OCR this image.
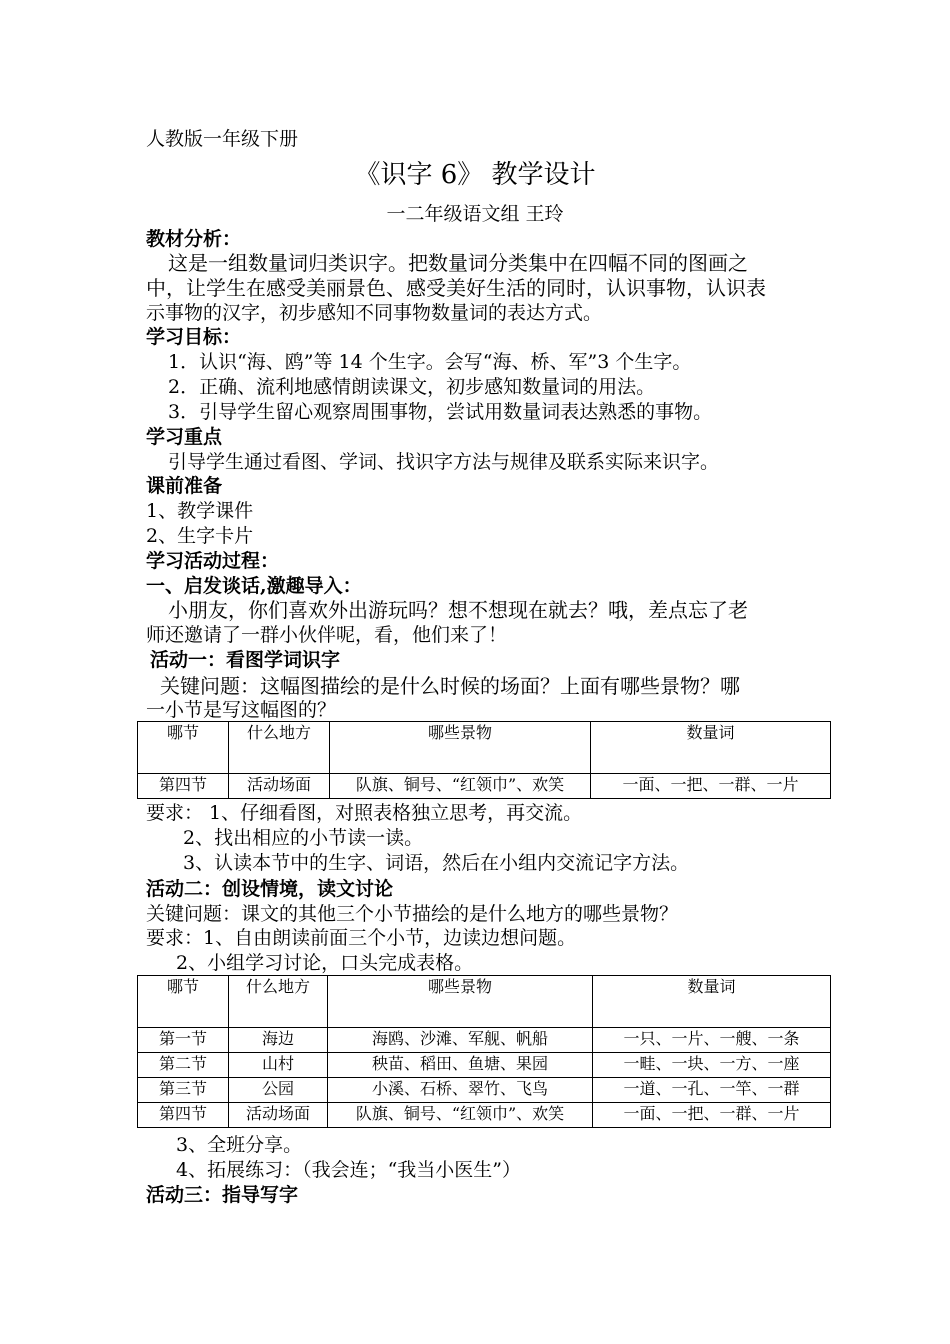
人教版一年级下册
《识字 6》 教学设计
一二年级语文组 王玲
教材分析：
这是一组数量词归类识字。把数量词分类集中在四幅不同的图画之
中，让学生在感受美丽景色、感受美好生活的同时，认识事物，认识表
示事物的汉字，初步感知不同事物数量词的表达方式。
学习目标：
1．认识“海、鸥”等 14 个生字。会写“海、桥、军”3 个生字。
2．正确、流利地感情朗读课文，初步感知数量词的用法。
3．引导学生留心观察周围事物，尝试用数量词表达熟悉的事物。
学习重点
引导学生通过看图、学词、找识字方法与规律及联系实际来识字。
课前准备
1、教学课件
2、生字卡片
学习活动过程：
一、启发谈话,激趣导入：
小朋友，你们喜欢外出游玩吗？想不想现在就去？哦，差点忘了老
师还邀请了一群小伙伴呢，看，他们来了！
活动一：看图学词识字
关键问题：这幅图描绘的是什么时候的场面？上面有哪些景物？哪
一小节是写这幅图的？
哪节	什么地方	哪些景物	数量词
第四节	活动场面	队旗、铜号、“红领巾”、欢笑	一面、一把、一群、一片
要求： 1、仔细看图，对照表格独立思考，再交流。
2、找出相应的小节读一读。
3、认读本节中的生字、词语，然后在小组内交流记字方法。
活动二：创设情境，读文讨论
关键问题：课文的其他三个小节描绘的是什么地方的哪些景物？
要求：1、自由朗读前面三个小节，边读边想问题。
2、小组学习讨论，口头完成表格。
哪节	什么地方	哪些景物	数量词
第一节	海边	海鸥、沙滩、军舰、帆船	一只、一片、一艘、一条
第二节	山村	秧苗、稻田、鱼塘、果园	一畦、一块、一方、一座
第三节	公园	小溪、石桥、翠竹、飞鸟	一道、一孔、一竿、一群
第四节	活动场面	队旗、铜号、“红领巾”、欢笑	一面、一把、一群、一片
3、全班分享。
4、拓展练习：（我会连；“我当小医生”）
活动三：指导写字
